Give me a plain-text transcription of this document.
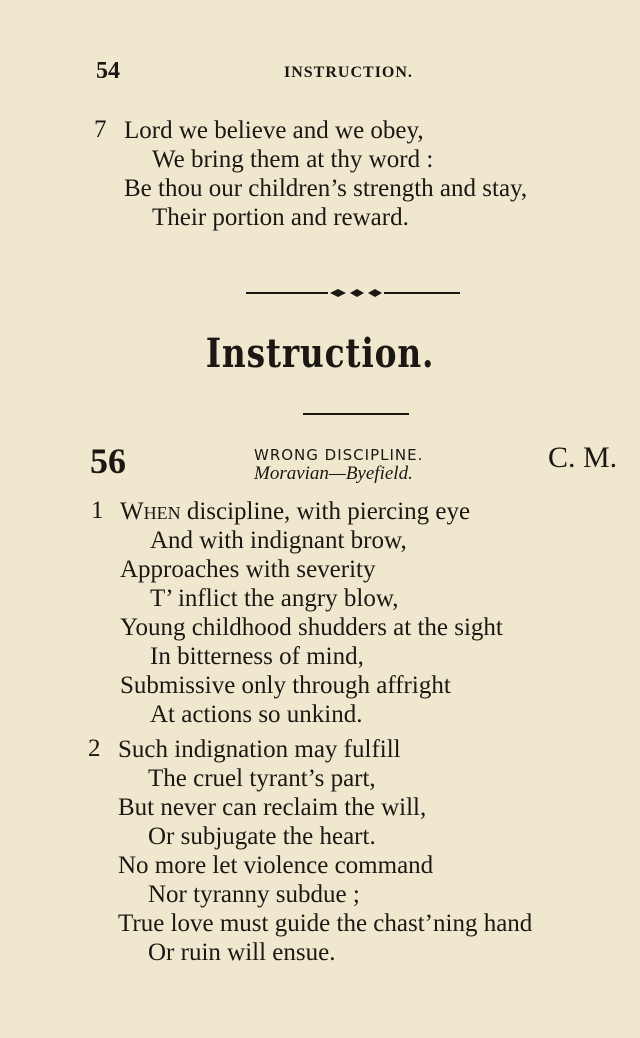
54	INSTRUCTION.
7 Lord we believe and we obey,
We bring them at thy word :
Be thou our children’s strength and stay,
Their portion and reward.
Instruction.
56	WRONG DISCIPLINE.	C. M.
Moravian—Byefield.
1 When discipline, with piercing eye
And with indignant brow,
Approaches with severity
T’ inflict the angry blow,
Young childhood shudders at the sight
In bitterness of mind,
Submissive only through affright
At actions so unkind.
2 Such indignation may fulfill
The cruel tyrant’s part,
But never can reclaim the will,
Or subjugate the heart.
No more let violence command
Nor tyranny subdue ;
True love must guide the chast’ning hand
Or ruin will ensue.
